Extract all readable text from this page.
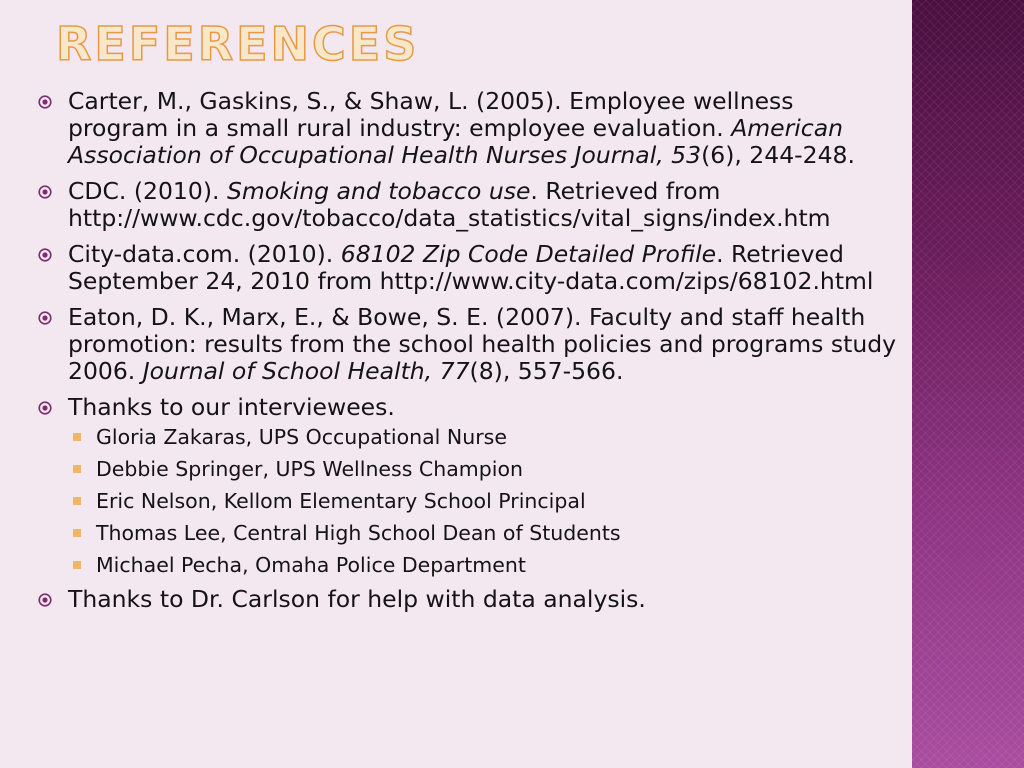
REFERENCES
Carter, M., Gaskins, S., & Shaw, L. (2005). Employee wellness program in a small rural industry: employee evaluation. American Association of Occupational Health Nurses Journal, 53(6), 244-248.
CDC. (2010). Smoking and tobacco use. Retrieved from http://www.cdc.gov/tobacco/data_statistics/vital_signs/index.htm
City-data.com. (2010). 68102 Zip Code Detailed Profile. Retrieved September 24, 2010 from http://www.city-data.com/zips/68102.html
Eaton, D. K., Marx, E., & Bowe, S. E. (2007). Faculty and staff health promotion: results from the school health policies and programs study 2006. Journal of School Health, 77(8), 557-566.
Thanks to our interviewees.
Gloria Zakaras, UPS Occupational Nurse
Debbie Springer, UPS Wellness Champion
Eric Nelson, Kellom Elementary School Principal
Thomas Lee, Central High School Dean of Students
Michael Pecha, Omaha Police Department
Thanks to Dr. Carlson for help with data analysis.
